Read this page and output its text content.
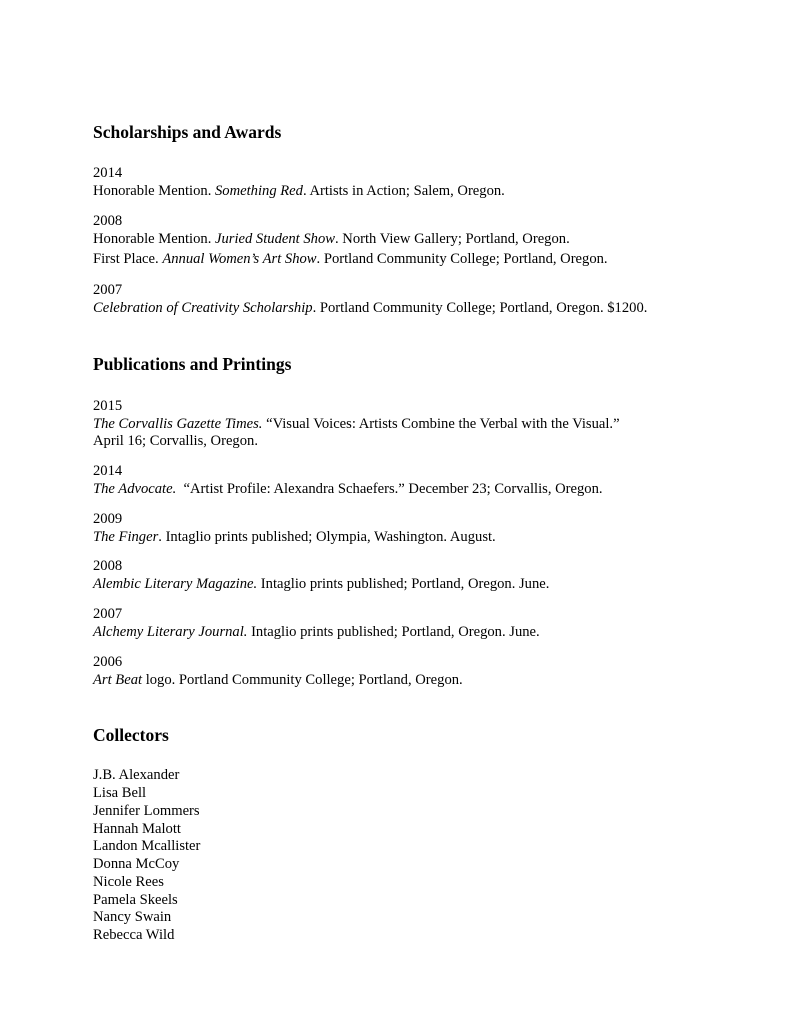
Scholarships and Awards
2014
Honorable Mention. Something Red. Artists in Action; Salem, Oregon.
2008
Honorable Mention. Juried Student Show. North View Gallery; Portland, Oregon.
First Place. Annual Women’s Art Show. Portland Community College; Portland, Oregon.
2007
Celebration of Creativity Scholarship. Portland Community College; Portland, Oregon. $1200.
Publications and Printings
2015
The Corvallis Gazette Times. “Visual Voices: Artists Combine the Verbal with the Visual.”
April 16; Corvallis, Oregon.
2014
The Advocate.  “Artist Profile: Alexandra Schaefers.” December 23; Corvallis, Oregon.
2009
The Finger. Intaglio prints published; Olympia, Washington. August.
2008
Alembic Literary Magazine. Intaglio prints published; Portland, Oregon. June.
2007
Alchemy Literary Journal. Intaglio prints published; Portland, Oregon. June.
2006
Art Beat logo. Portland Community College; Portland, Oregon.
Collectors
J.B. Alexander
Lisa Bell
Jennifer Lommers
Hannah Malott
Landon Mcallister
Donna McCoy
Nicole Rees
Pamela Skeels
Nancy Swain
Rebecca Wild
